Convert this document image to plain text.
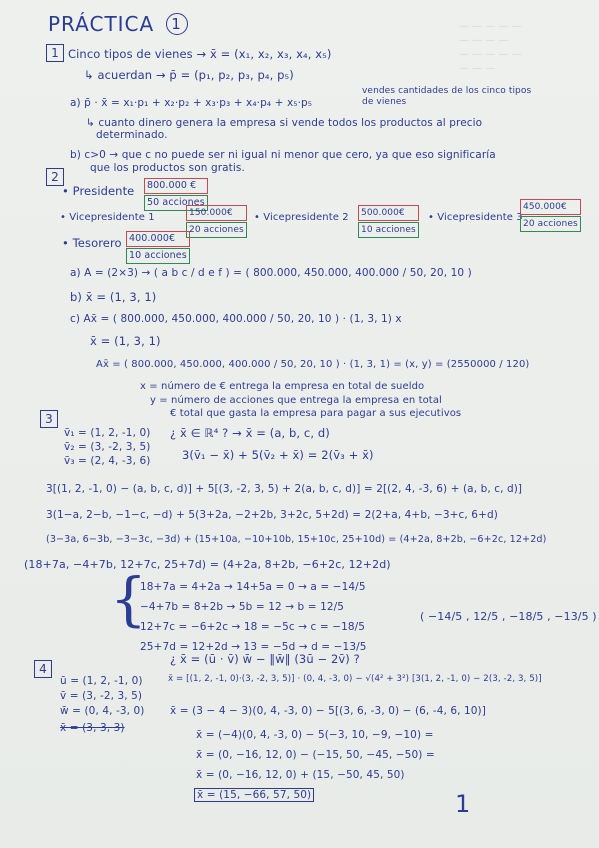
— — — — —
— — — —
— — — — —
— — —
PRÁCTICA 1
1 Cinco tipos de vienes → x̄ = (x₁, x₂, x₃, x₄, x₅)
↳ acuerdan → p̄ = (p₁, p₂, p₃, p₄, p₅)
a) p̄ · x̄ = x₁·p₁ + x₂·p₂ + x₃·p₃ + x₄·p₄ + x₅·p₅
vendes cantidades de los cinco tipos de vienes
↳ cuanto dinero genera la empresa si vende todos los productos al precio
determinado.
b) c>0 → que c no puede ser ni igual ni menor que cero, ya que eso significaría
que los productos son gratis.
2
• Presidente	800.000 €
50 acciones
• Vicepresidente 1	150.000€
20 acciones
• Vicepresidente 2	500.000€
10 acciones
• Vicepresidente 3
450.000€
20 acciones
• Tesorero 400.000€
10 acciones
a) A = (2×3) → ( a b c / d e f ) = ( 800.000, 450.000, 400.000 / 50, 20, 10 )
b) x̄ = (1, 3, 1)
c) Ax̄ = ( 800.000, 450.000, 400.000 / 50, 20, 10 ) · (1, 3, 1) x
x̄ = (1, 3, 1)
Ax̄ = ( 800.000, 450.000, 400.000 / 50, 20, 10 ) · (1, 3, 1) = (x, y) = (2550000 / 120)
x = número de € entrega la empresa en total de sueldo
y = número de acciones que entrega la empresa en total
€ total que gasta la empresa para pagar a sus ejecutivos
3
v̄₁ = (1, 2, -1, 0)
v̄₂ = (3, -2, 3, 5)
v̄₃ = (2, 4, -3, 6)
¿ x̄ ∈ ℝ⁴ ? → x̄ = (a, b, c, d)
3(v̄₁ − x̄) + 5(v̄₂ + x̄) = 2(v̄₃ + x̄)
3[(1, 2, -1, 0) − (a, b, c, d)] + 5[(3, -2, 3, 5) + 2(a, b, c, d)] = 2[(2, 4, -3, 6) + (a, b, c, d)]
3(1−a, 2−b, −1−c, −d) + 5(3+2a, −2+2b, 3+2c, 5+2d) = 2(2+a, 4+b, −3+c, 6+d)
(3−3a, 6−3b, −3−3c, −3d) + (15+10a, −10+10b, 15+10c, 25+10d) = (4+2a, 8+2b, −6+2c, 12+2d)
(18+7a, −4+7b, 12+7c, 25+7d) = (4+2a, 8+2b, −6+2c, 12+2d)
{
18+7a = 4+2a → 14+5a = 0 → a = −14/5
−4+7b = 8+2b → 5b = 12 → b = 12/5
12+7c = −6+2c → 18 = −5c → c = −18/5
25+7d = 12+2d → 13 = −5d → d = −13/5
( −14/5 , 12/5 , −18/5 , −13/5 )
4
ū = (1, 2, -1, 0)
v̄ = (3, -2, 3, 5)
w̄ = (0, 4, -3, 0)
x̄ = (3, 3, 3)
¿ x̄ = (ū · v̄) w̄ − ‖w̄‖ (3ū − 2v̄) ?
x̄ = [(1, 2, -1, 0)·(3, -2, 3, 5)] · (0, 4, -3, 0) − √(4² + 3²) [3(1, 2, -1, 0) − 2(3, -2, 3, 5)]
x̄ = (3 − 4 − 3)(0, 4, -3, 0) − 5[(3, 6, -3, 0) − (6, -4, 6, 10)]
x̄ = (−4)(0, 4, -3, 0) − 5(−3, 10, −9, −10) =
x̄ = (0, −16, 12, 0) − (−15, 50, −45, −50) =
x̄ = (0, −16, 12, 0) + (15, −50, 45, 50)
x̄ = (15, −66, 57, 50)	1
